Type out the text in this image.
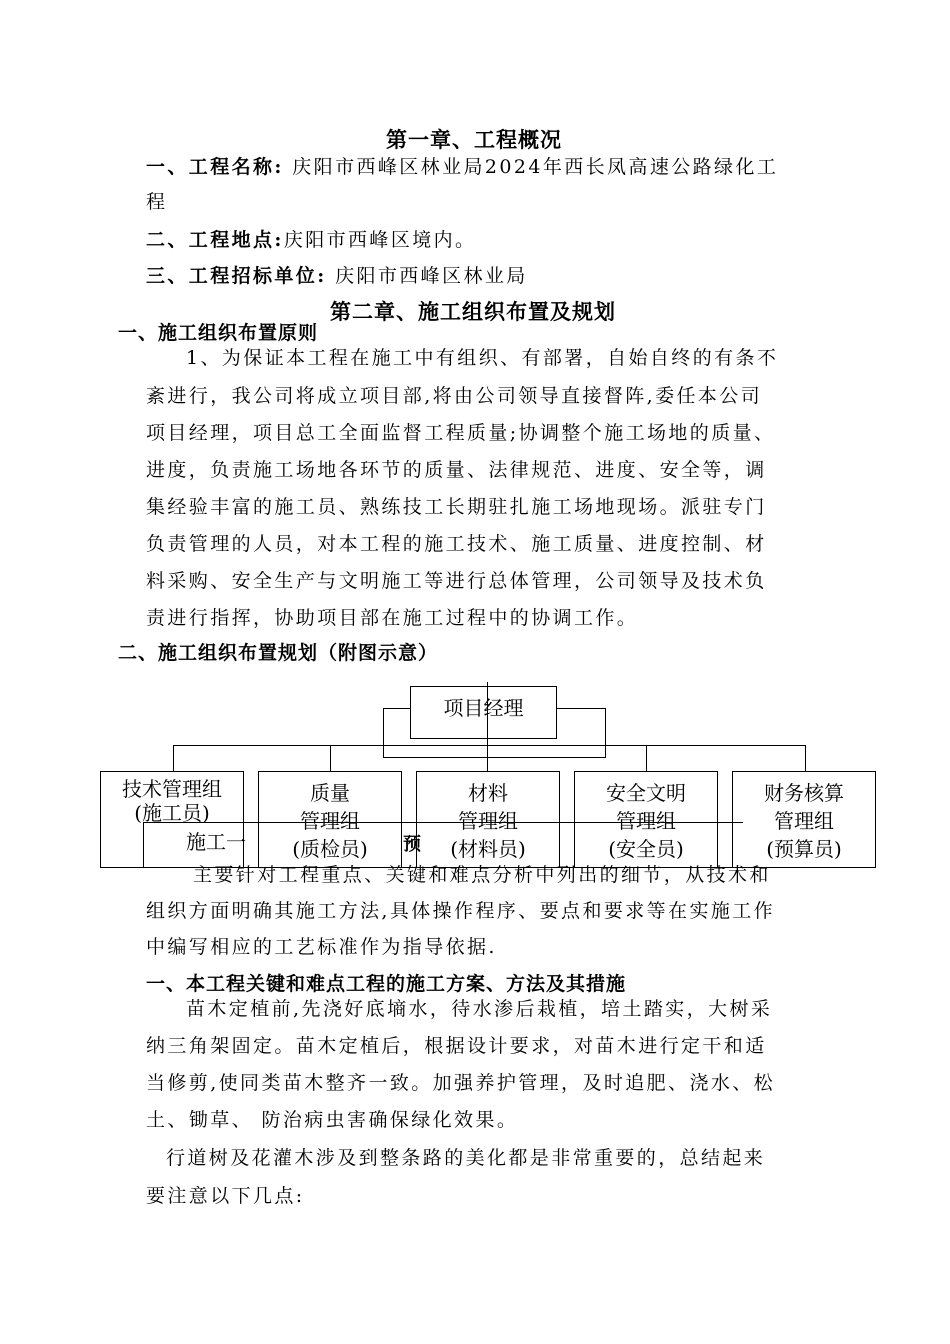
第一章、工程概况
一、工程名称: 庆阳市西峰区林业局2024年西长凤高速公路绿化工
程
二、工程地点:庆阳市西峰区境内。
三、工程招标单位: 庆阳市西峰区林业局
第二章、施工组织布置及规划
一、施工组织布置原则
1、为保证本工程在施工中有组织、有部署，自始自终的有条不
紊进行，我公司将成立项目部,将由公司领导直接督阵,委任本公司
项目经理，项目总工全面监督工程质量;协调整个施工场地的质量、
进度，负责施工场地各环节的质量、法律规范、进度、安全等，调
集经验丰富的施工员、熟练技工长期驻扎施工场地现场。派驻专门
负责管理的人员，对本工程的施工技术、施工质量、进度控制、材
料采购、安全生产与文明施工等进行总体管理，公司领导及技术负
责进行指挥，协助项目部在施工过程中的协调工作。
二、施工组织布置规划（附图示意）
主要针对工程重点、关键和难点分析中列出的细节，从技术和
项目经理
施工一	预
技术管理组
(施工员)
质量
管理组
(质检员)
材料
管理组
(材料员)
安全文明
管理组
(安全员)
财务核算
管理组
(预算员)
组织方面明确其施工方法,具体操作程序、要点和要求等在实施工作
中编写相应的工艺标准作为指导依据.
一、本工程关键和难点工程的施工方案、方法及其措施
苗木定植前,先浇好底墒水，待水渗后栽植，培土踏实，大树采
纳三角架固定。苗木定植后，根据设计要求，对苗木进行定干和适
当修剪,使同类苗木整齐一致。加强养护管理，及时追肥、浇水、松
土、锄草、 防治病虫害确保绿化效果。
行道树及花灌木涉及到整条路的美化都是非常重要的，总结起来
要注意以下几点:
